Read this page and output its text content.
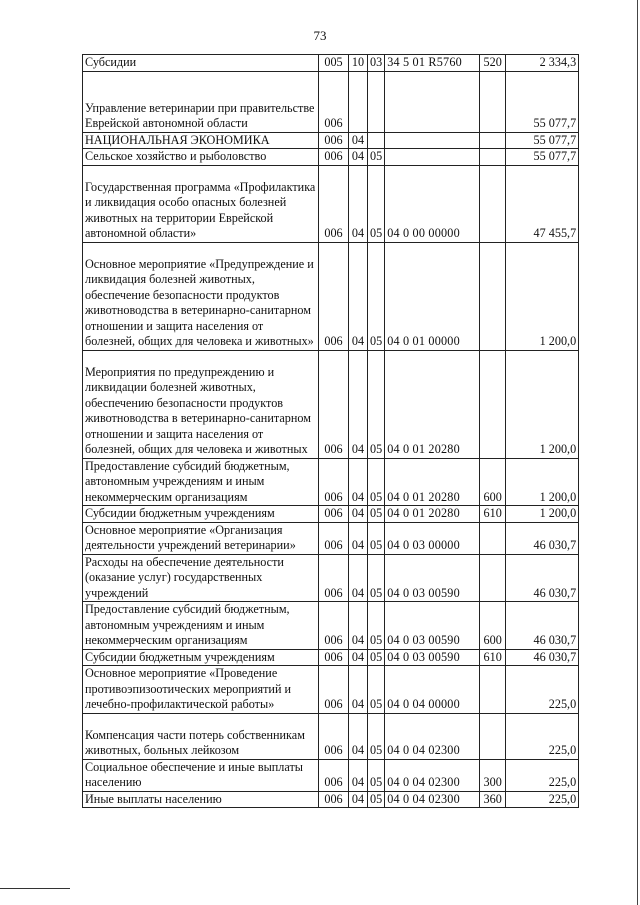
73
Субсидии	005	10	03	34 5 01 R5760	520	2 334,3
Управление ветеринарии при правительстве Еврейской автономной области	006					55 077,7
НАЦИОНАЛЬНАЯ ЭКОНОМИКА	006	04				55 077,7
Сельское хозяйство и рыболовство	006	04	05			55 077,7
Государственная программа «Профилактика и ликвидация особо опасных болезней животных на территории Еврейской автономной области»	006	04	05	04 0 00 00000		47 455,7
Основное мероприятие «Предупреждение и ликвидация болезней животных, обеспечение безопасности продуктов животноводства в ветеринарно-санитарном отношении и защита населения от болезней, общих для человека и животных»	006	04	05	04 0 01 00000		1 200,0
Мероприятия по предупреждению и ликвидации болезней животных, обеспечению безопасности продуктов животноводства в ветеринарно-санитарном отношении и защита населения от болезней, общих для человека и животных	006	04	05	04 0 01 20280		1 200,0
Предоставление субсидий бюджетным, автономным учреждениям и иным некоммерческим организациям	006	04	05	04 0 01 20280	600	1 200,0
Субсидии бюджетным учреждениям	006	04	05	04 0 01 20280	610	1 200,0
Основное мероприятие «Организация деятельности учреждений ветеринарии»	006	04	05	04 0 03 00000		46 030,7
Расходы на обеспечение деятельности (оказание услуг) государственных учреждений	006	04	05	04 0 03 00590		46 030,7
Предоставление субсидий бюджетным, автономным учреждениям и иным некоммерческим организациям	006	04	05	04 0 03 00590	600	46 030,7
Субсидии бюджетным учреждениям	006	04	05	04 0 03 00590	610	46 030,7
Основное мероприятие «Проведение противоэпизоотических мероприятий и лечебно-профилактической работы»	006	04	05	04 0 04 00000		225,0
Компенсация части потерь собственникам животных, больных лейкозом	006	04	05	04 0 04 02300		225,0
Социальное обеспечение и иные выплаты населению	006	04	05	04 0 04 02300	300	225,0
Иные выплаты населению	006	04	05	04 0 04 02300	360	225,0
